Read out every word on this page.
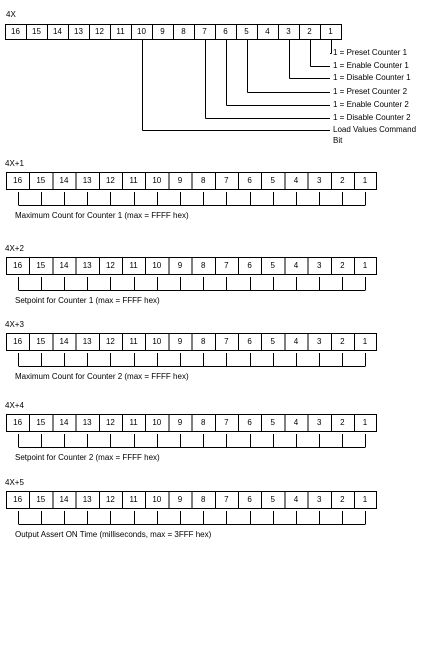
4X
16	15	14	13	12	11	10	9	8	7	6	5	4	3	2	1
1 = Preset Counter 1
1 = Enable Counter 1
1 = Disable Counter 1
1 = Preset Counter 2
1 = Enable Counter 2
1 = Disable Counter 2
Load Values Command
Bit
4X+1
16	15	14	13	12	11	10	9	8	7	6	5	4	3	2	1
Maximum Count for Counter 1 (max = FFFF hex)
4X+2
16	15	14	13	12	11	10	9	8	7	6	5	4	3	2	1
Setpoint for Counter 1 (max = FFFF hex)
4X+3
16	15	14	13	12	11	10	9	8	7	6	5	4	3	2	1
Maximum Count for Counter 2 (max = FFFF hex)
4X+4
16	15	14	13	12	11	10	9	8	7	6	5	4	3	2	1
Setpoint for Counter 2 (max = FFFF hex)
4X+5
16	15	14	13	12	11	10	9	8	7	6	5	4	3	2	1
Output Assert ON Time (milliseconds, max = 3FFF hex)
